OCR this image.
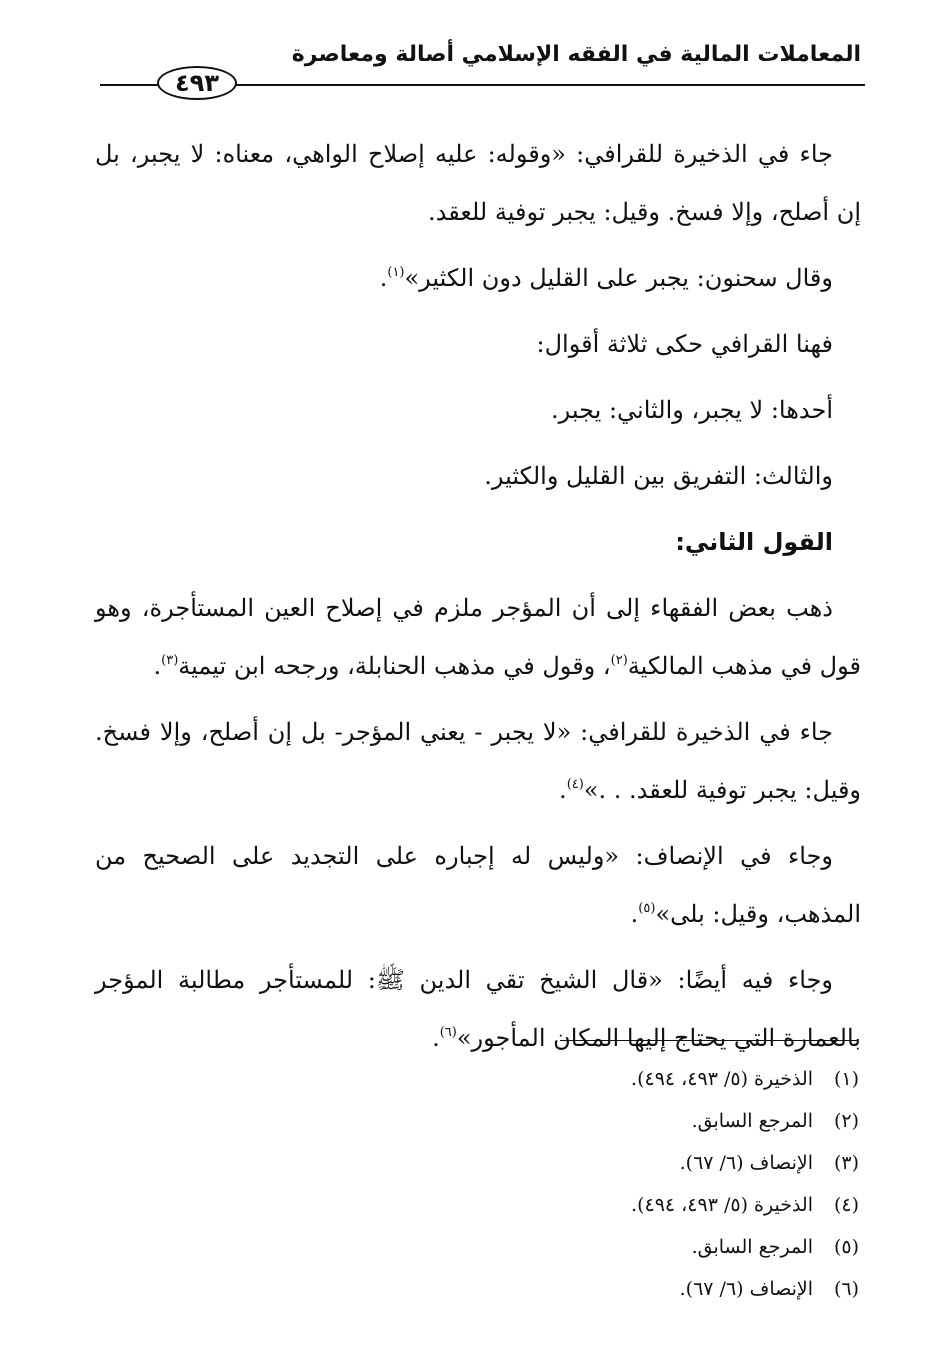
المعاملات المالية في الفقه الإسلامي أصالة ومعاصرة
٤٩٣

جاء في الذخيرة للقرافي: «وقوله: عليه إصلاح الواهي، معناه: لا يجبر، بل إن أصلح، وإلا فسخ. وقيل: يجبر توفية للعقد.

وقال سحنون: يجبر على القليل دون الكثير»$^{(١)}$.

فهنا القرافي حكى ثلاثة أقوال:

أحدها: لا يجبر، والثاني: يجبر.

والثالث: التفريق بين القليل والكثير.

القول الثاني:

ذهب بعض الفقهاء إلى أن المؤجر ملزم في إصلاح العين المستأجرة، وهو قول في مذهب المالكية$^{(٢)}$، وقول في مذهب الحنابلة، ورجحه ابن تيمية$^{(٣)}$.

جاء في الذخيرة للقرافي: «لا يجبر - يعني المؤجر- بل إن أصلح، وإلا فسخ. وقيل: يجبر توفية للعقد. . .»$^{(٤)}$.

وجاء في الإنصاف: «وليس له إجباره على التجديد على الصحيح من المذهب، وقيل: بلى»$^{(٥)}$.

وجاء فيه أيضًا: «قال الشيخ تقي الدين ﷺ: للمستأجر مطالبة المؤجر بالعمارة التي يحتاج إليها المكان المأجور»$^{(٦)}$.

(١)
الذخيرة (٥/ ٤٩٣، ٤٩٤).
(٢)
المرجع السابق.
(٣)
الإنصاف (٦/ ٦٧).
(٤)
الذخيرة (٥/ ٤٩٣، ٤٩٤).
(٥)
المرجع السابق.
(٦)
الإنصاف (٦/ ٦٧).
